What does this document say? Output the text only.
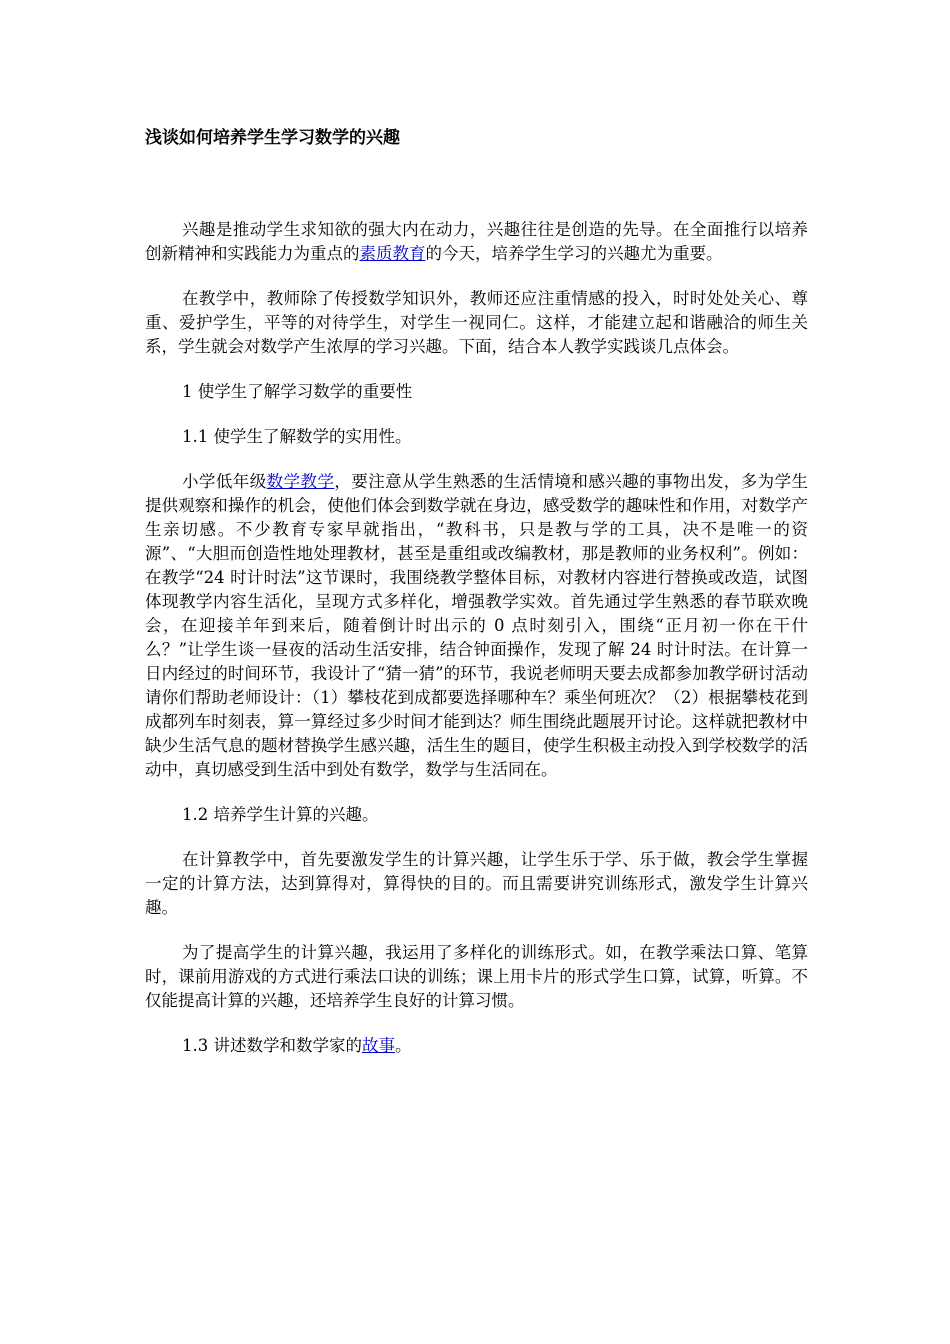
浅谈如何培养学生学习数学的兴趣

兴趣是推动学生求知欲的强大内在动力，兴趣往往是创造的先导。在全面推行以培养创新精神和实践能力为重点的素质教育的今天，培养学生学习的兴趣尤为重要。

在教学中，教师除了传授数学知识外，教师还应注重情感的投入，时时处处关心、尊重、爱护学生，平等的对待学生，对学生一视同仁。这样，才能建立起和谐融洽的师生关系，学生就会对数学产生浓厚的学习兴趣。下面，结合本人教学实践谈几点体会。

1 使学生了解学习数学的重要性

1.1 使学生了解数学的实用性。

小学低年级数学教学，要注意从学生熟悉的生活情境和感兴趣的事物出发，多为学生提供观察和操作的机会，使他们体会到数学就在身边，感受数学的趣味性和作用，对数学产生亲切感。不少教育专家早就指出，“教科书，只是教与学的工具，决不是唯一的资源”、“大胆而创造性地处理教材，甚至是重组或改编教材，那是教师的业务权利”。例如：在教学“24 时计时法”这节课时，我围绕教学整体目标，对教材内容进行替换或改造，试图体现教学内容生活化，呈现方式多样化，增强教学实效。首先通过学生熟悉的春节联欢晚会，在迎接羊年到来后，随着倒计时出示的 0 点时刻引入，围绕“正月初一你在干什么？”让学生谈一昼夜的活动生活安排，结合钟面操作，发现了解 24 时计时法。在计算一日内经过的时间环节，我设计了“猜一猜”的环节，我说老师明天要去成都参加教学研讨活动请你们帮助老师设计：（1）攀枝花到成都要选择哪种车？乘坐何班次？（2）根据攀枝花到成都列车时刻表，算一算经过多少时间才能到达？师生围绕此题展开讨论。这样就把教材中缺少生活气息的题材替换学生感兴趣，活生生的题目，使学生积极主动投入到学校数学的活动中，真切感受到生活中到处有数学，数学与生活同在。

1.2 培养学生计算的兴趣。

在计算教学中，首先要激发学生的计算兴趣，让学生乐于学、乐于做，教会学生掌握一定的计算方法，达到算得对，算得快的目的。而且需要讲究训练形式，激发学生计算兴趣。

为了提高学生的计算兴趣，我运用了多样化的训练形式。如，在教学乘法口算、笔算时，课前用游戏的方式进行乘法口诀的训练；课上用卡片的形式学生口算，试算，听算。不仅能提高计算的兴趣，还培养学生良好的计算习惯。

1.3 讲述数学和数学家的故事。
